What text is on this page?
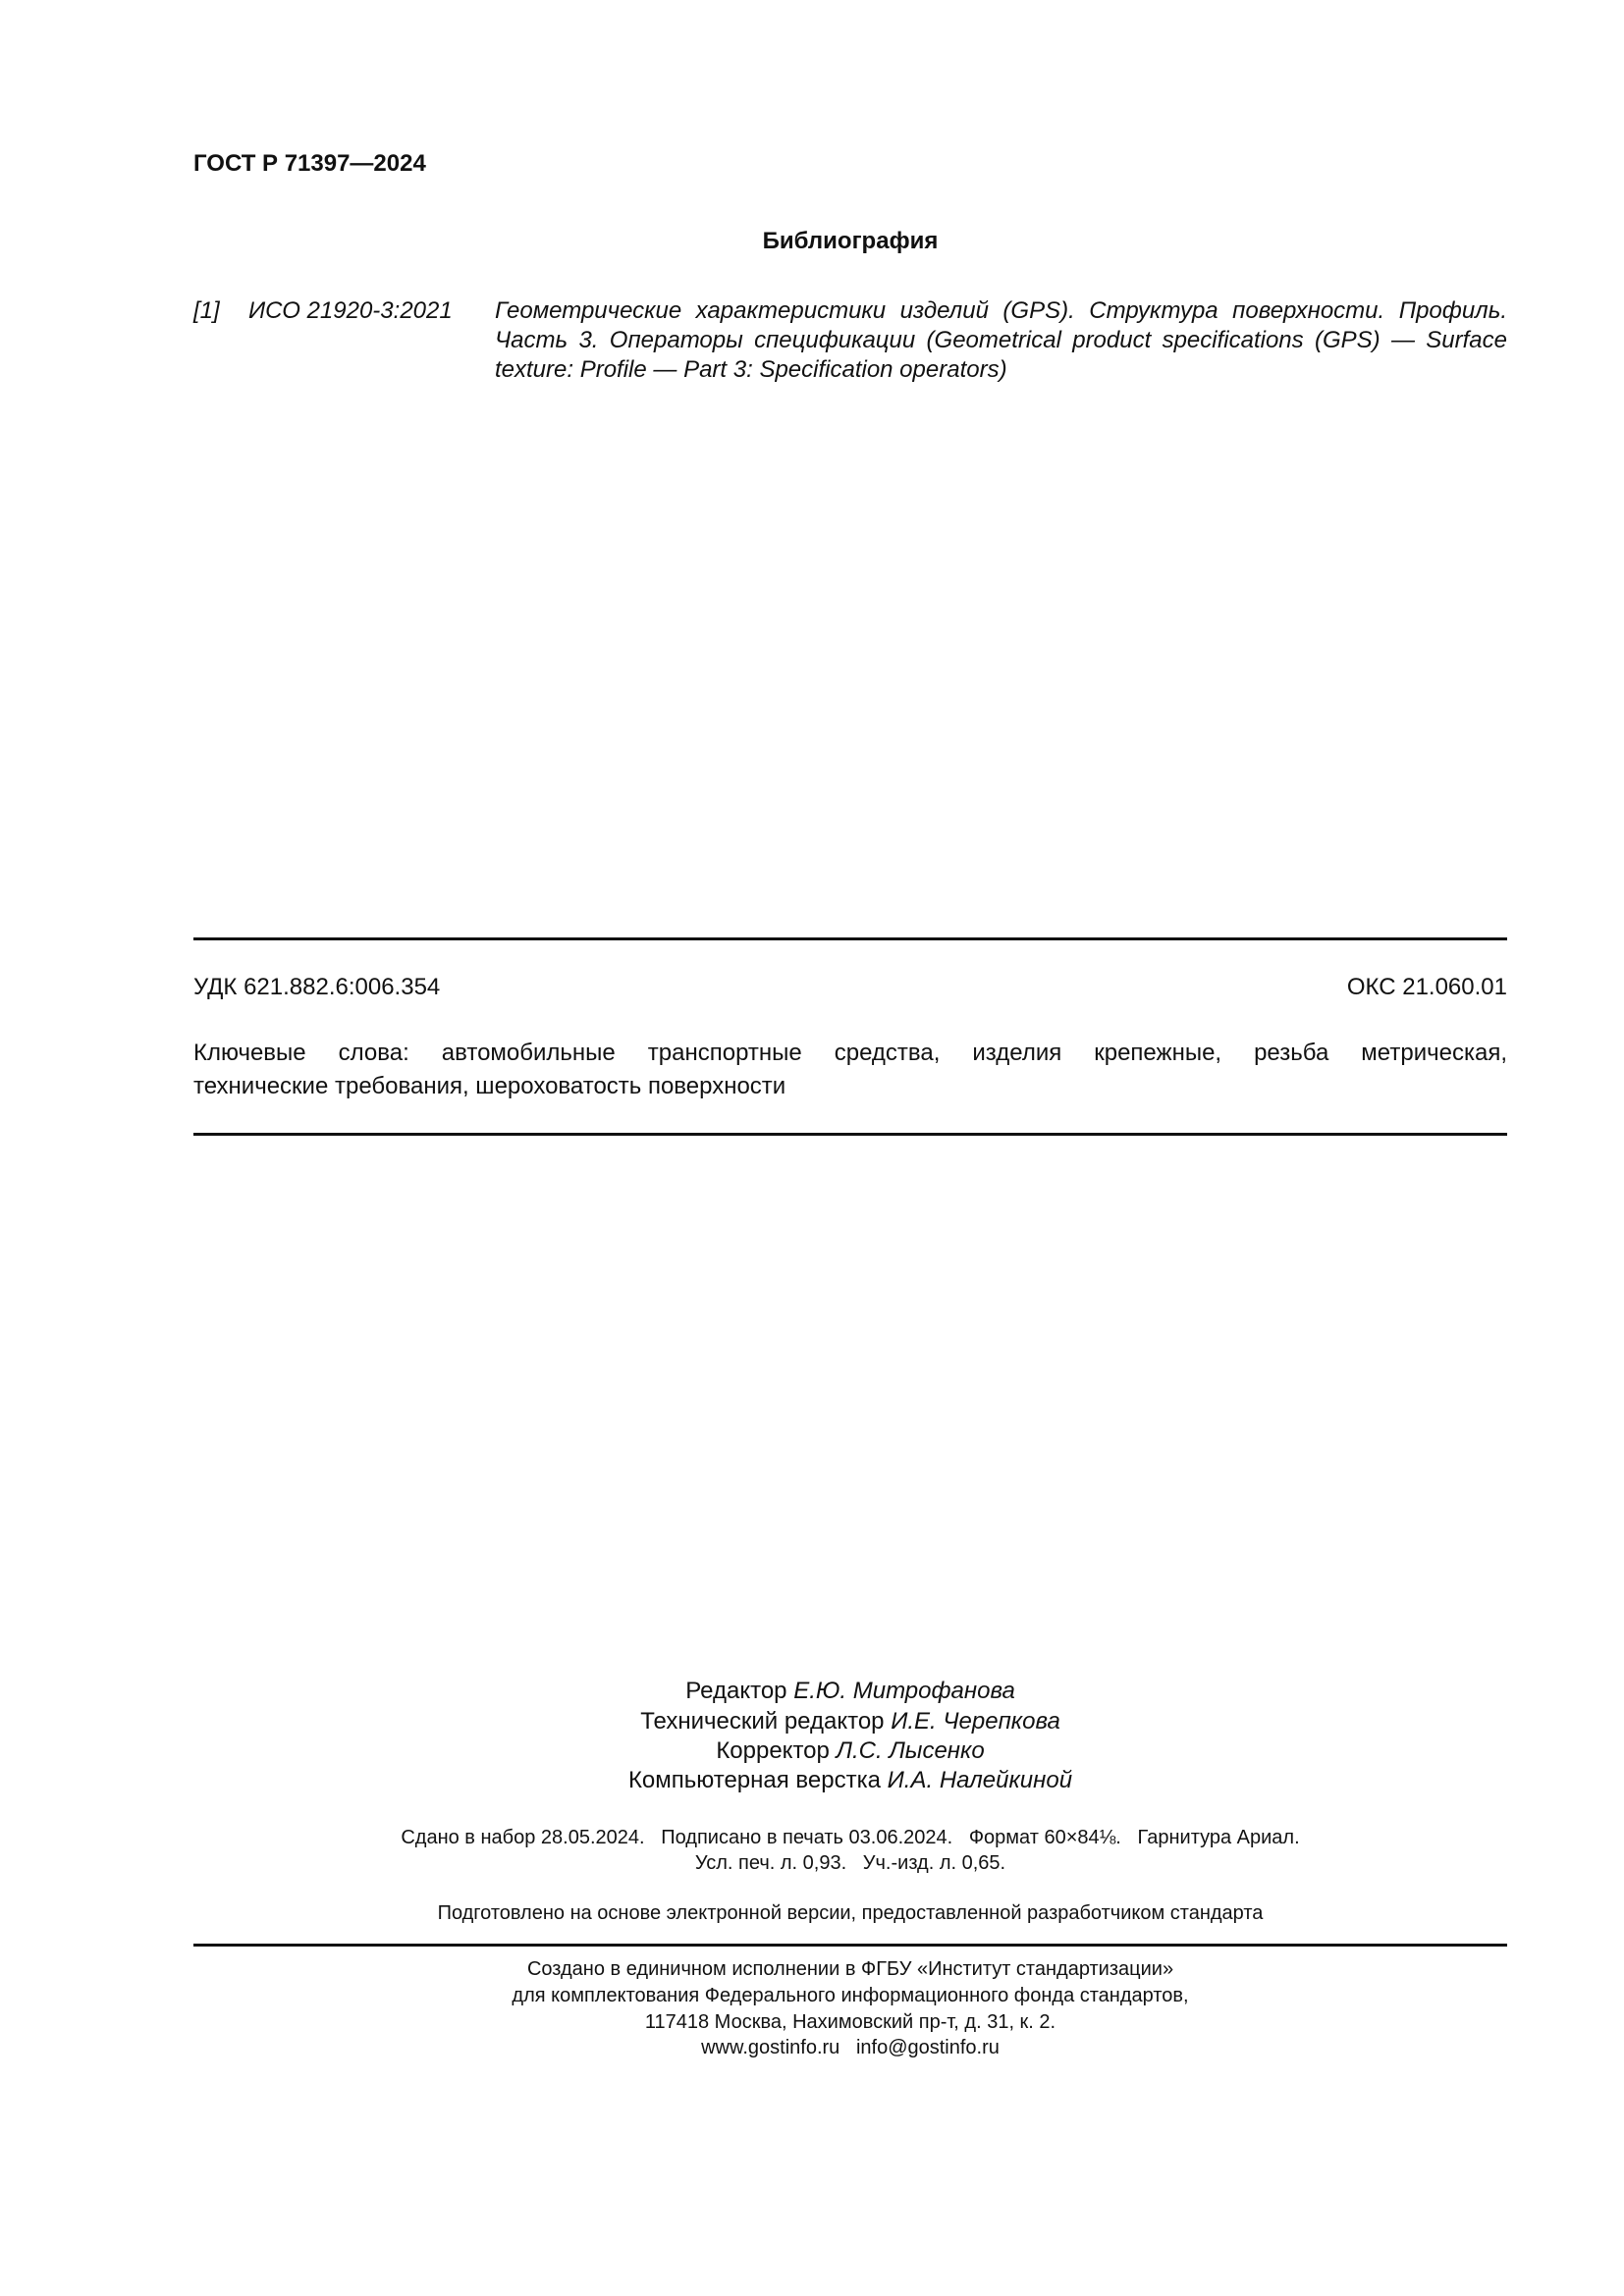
ГОСТ Р 71397—2024
Библиография
[1] ИСО 21920-3:2021 Геометрические характеристики изделий (GPS). Структура поверхности. Профиль. Часть 3. Операторы спецификации (Geometrical product specifications (GPS) — Surface texture: Profile — Part 3: Specification operators)
УДК 621.882.6:006.354	ОКС 21.060.01
Ключевые слова: автомобильные транспортные средства, изделия крепежные, резьба метрическая,
технические требования, шероховатость поверхности
Редактор Е.Ю. Митрофанова
Технический редактор И.Е. Черепкова
Корректор Л.С. Лысенко
Компьютерная верстка И.А. Налейкиной
Сдано в набор 28.05.2024.   Подписано в печать 03.06.2024.   Формат 60×84⅛.   Гарнитура Ариал.
Усл. печ. л. 0,93.   Уч.-изд. л. 0,65.
Подготовлено на основе электронной версии, предоставленной разработчиком стандарта
Создано в единичном исполнении в ФГБУ «Институт стандартизации»
для комплектования Федерального информационного фонда стандартов,
117418 Москва, Нахимовский пр-т, д. 31, к. 2.
www.gostinfo.ru info@gostinfo.ru
